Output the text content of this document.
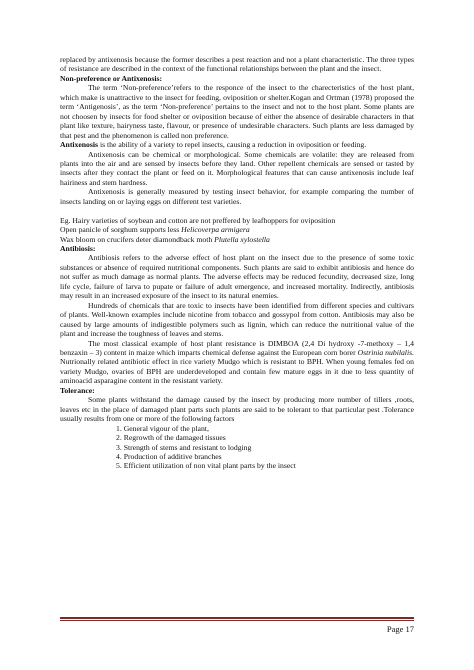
replaced by antixenosis because the former describes a pest reaction and not a plant characteristic. The three types of resistance are described in the context of the functional relationships between the plant and the insect.

Non-preference or Antixenosis:

The term ‘Non-preference’refers to the responce of the insect to the charecteristics of the host plant, which make is unattractive to the insect for feeding, oviposition or shelter.Kogan and Ortman (1978) proposed the term ‘Antigenosis’, as the term ‘Non-preference’ pertains to the insect and not to the host plant. Some plants are not choosen by insects for food shelter or oviposition because of either the absence of desirable characters in that plant like texture, hairyness taste, flavour, or presence of undesirable characters. Such plants are less damaged by that pest and the phenomenon is called non preference.

Antixenosis is the ability of a variety to repel insects, causing a reduction in oviposition or feeding.

Antixenosis can be chemical or morphological. Some chemicals are volatile: they are released from plants into the air and are sensed by insects before they land. Other repellent chemicals are sensed or tasted by insects after they contact the plant or feed on it. Morphological features that can cause antixenosis include leaf hairiness and stem hardness.

Antixenosis is generally measured by testing insect behavior, for example comparing the number of insects landing on or laying eggs on different test varieties.

Eg. Hairy varieties of soybean and cotton are not preffered by leafhoppers for oviposition

Open panicle of sorghum supports less Helicoverpa armigera

Wax bloom on crucifers deter diamondback moth Plutella xylostella

Antibiosis:

Antibiosis refers to the adverse effect of host plant on the insect due to the presence of some toxic substances or absence of required nutritional components. Such plants are said to exhibit antibiosis and hence do not suffer as much damage as normal plants. The adverse effects may be reduced fecundity, decreased size, long life cycle, failure of larva to pupate or failure of adult emergence, and increased mortality. Indirectly, antibiosis may result in an increased exposure of the insect to its natural enemies.

Hundreds of chemicals that are toxic to insects have been identified from different species and cultivars of plants. Well-known examples include nicotine from tobacco and gossypol from cotton. Antibiosis may also be caused by large amounts of indigestible polymers such as lignin, which can reduce the nutritional value of the plant and increase the toughness of leaves and stems.

The most classical example of host plant resistance is DIMBOA (2,4 Di hydroxy -7-methoxy – 1,4 benzaxin – 3) content in maize which imparts chemical defense against the European corn borer Ostrinia nubilalis. Nutrionally related antibiotic effect in rice variety Mudgo which is resistant to BPH. When young females fed on variety Mudgo, ovaries of BPH are underdeveloped and contain few mature eggs in it due to less quantity of aminoacid asparagine content in the resistant variety.

Tolerance:

Some plants withstand the damage caused by the insect by producing more number of tillers ,roots, leaves etc in the place of damaged plant parts such plants are said to be tolerant to that particular pest .Tolerance usually results from one or more of the following factors

1. General vigour of the plant,
2. Regrowth of the damaged tissues
3. Strength of stems and resistant to lodging
4. Production of additive branches
5. Efficient utilization of non vital plant parts by the insect
Page 17
